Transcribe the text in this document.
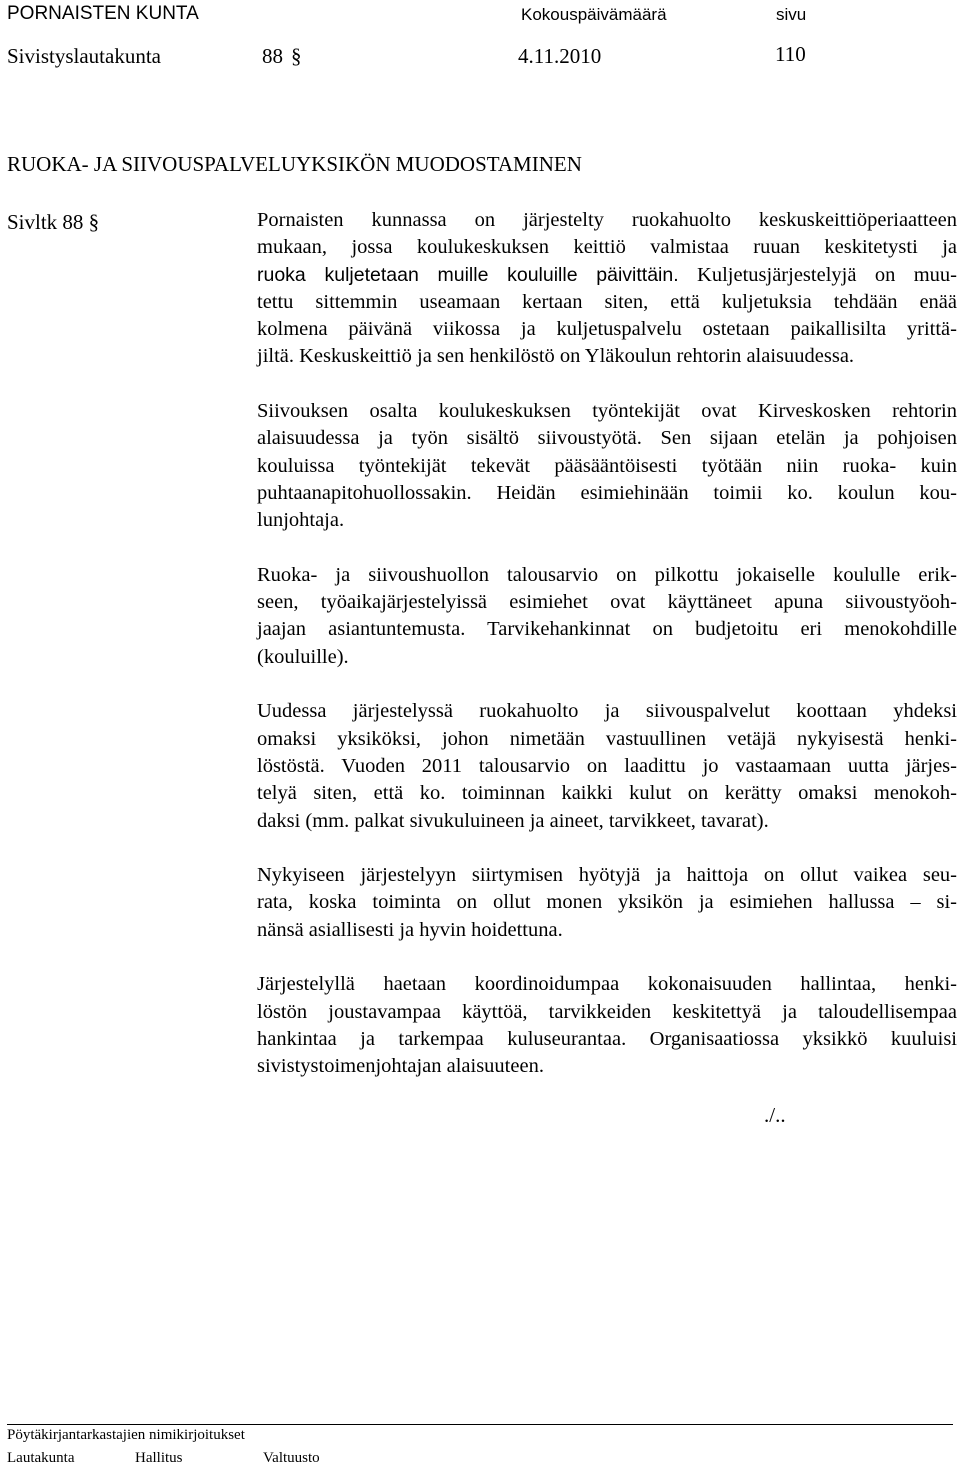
PORNAISTEN KUNTA	Kokouspäivämäärä	sivu
Sivistyslautakunta	88 §	4.11.2010	110
RUOKA- JA SIIVOUSPALVELUYKSIKÖN MUODOSTAMINEN
Sivltk 88 §	Pornaisten kunnassa on järjestelty ruokahuolto keskuskeittiöperiaatteen
mukaan, jossa koulukeskuksen keittiö valmistaa ruuan keskitetysti ja
ruoka kuljetetaan muille kouluille päivittäin. Kuljetusjärjestelyjä on muu-
tettu sittemmin useamaan kertaan siten, että kuljetuksia tehdään enää
kolmena päivänä viikossa ja kuljetuspalvelu ostetaan paikallisilta yrittä-
jiltä. Keskuskeittiö ja sen henkilöstö on Yläkoulun rehtorin alaisuudessa.

Siivouksen osalta koulukeskuksen työntekijät ovat Kirveskosken rehtorin
alaisuudessa ja työn sisältö siivoustyötä. Sen sijaan etelän ja pohjoisen
kouluissa työntekijät tekevät pääsääntöisesti työtään niin ruoka- kuin
puhtaanapitohuollossakin. Heidän esimiehinään toimii ko. koulun kou-
lunjohtaja.

Ruoka- ja siivoushuollon talousarvio on pilkottu jokaiselle koululle erik-
seen, työaikajärjestelyissä esimiehet ovat käyttäneet apuna siivoustyöoh-
jaajan asiantuntemusta. Tarvikehankinnat on budjetoitu eri menokohdille
(kouluille).

Uudessa järjestelyssä ruokahuolto ja siivouspalvelut koottaan yhdeksi
omaksi yksiköksi, johon nimetään vastuullinen vetäjä nykyisestä henki-
löstöstä. Vuoden 2011 talousarvio on laadittu jo vastaamaan uutta järjes-
telyä siten, että ko. toiminnan kaikki kulut on kerätty omaksi menokoh-
daksi (mm. palkat sivukuluineen ja aineet, tarvikkeet, tavarat).

Nykyiseen järjestelyyn siirtymisen hyötyjä ja haittoja on ollut vaikea seu-
rata, koska toiminta on ollut monen yksikön ja esimiehen hallussa – si-
nänsä asiallisesti ja hyvin hoidettuna.

Järjestelyllä haetaan koordinoidumpaa kokonaisuuden hallintaa, henki-
löstön joustavampaa käyttöä, tarvikkeiden keskitettyä ja taloudellisempaa
hankintaa ja tarkempaa kuluseurantaa. Organisaatiossa yksikkö kuuluisi
sivistystoimenjohtajan alaisuuteen.

./..
Pöytäkirjantarkastajien nimikirjoitukset
Lautakunta	Hallitus	Valtuusto
